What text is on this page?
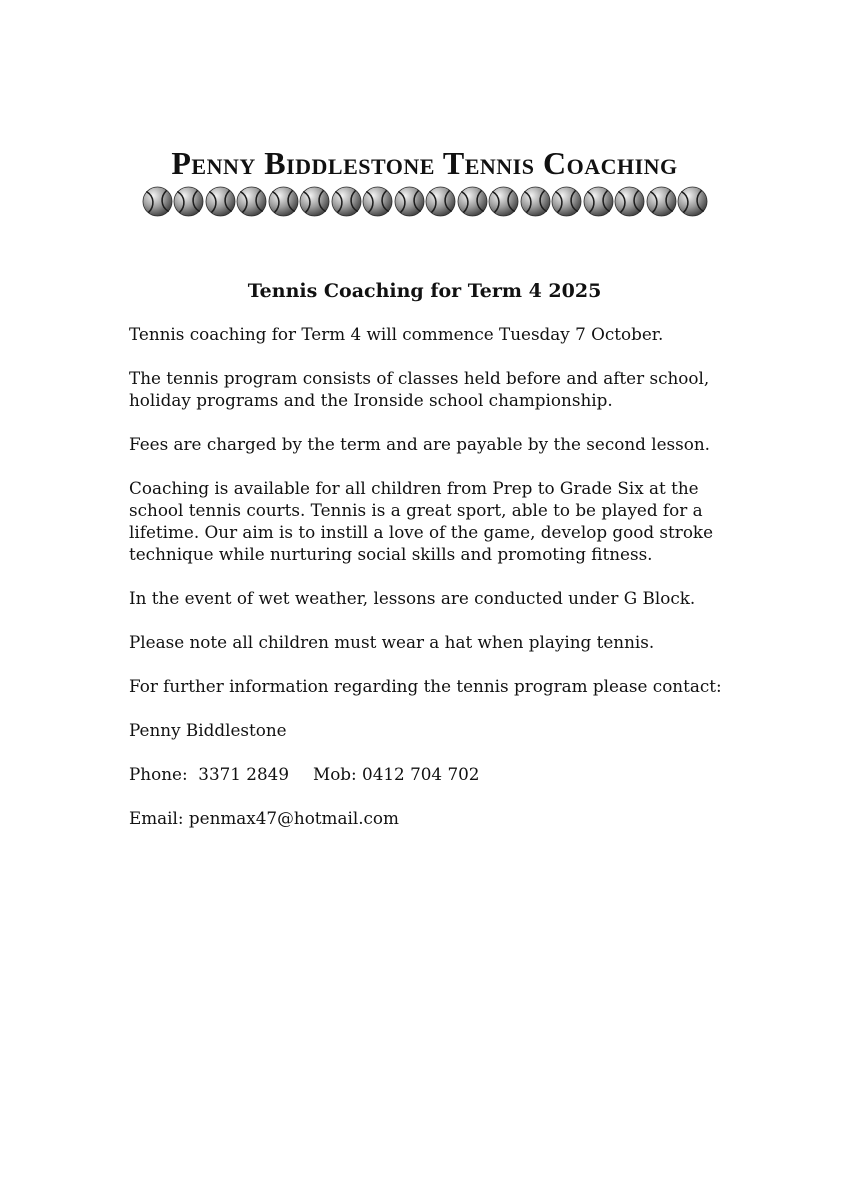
Penny Biddlestone Tennis Coaching
Tennis Coaching for Term 4 2025

Tennis coaching for Term 4 will commence Tuesday 7 October.

The tennis program consists of classes held before and after school, holiday programs and the Ironside school championship.

Fees are charged by the term and are payable by the second lesson.

Coaching is available for all children from Prep to Grade Six at the school tennis courts. Tennis is a great sport, able to be played for a lifetime. Our aim is to instill a love of the game, develop good stroke technique while nurturing social skills and promoting fitness.

In the event of wet weather, lessons are conducted under G Block.

Please note all children must wear a hat when playing tennis.

For further information regarding the tennis program please contact:

Penny Biddlestone
Phone:  3371 2849 Mob: 0412 704 702
Email: penmax47@hotmail.com
